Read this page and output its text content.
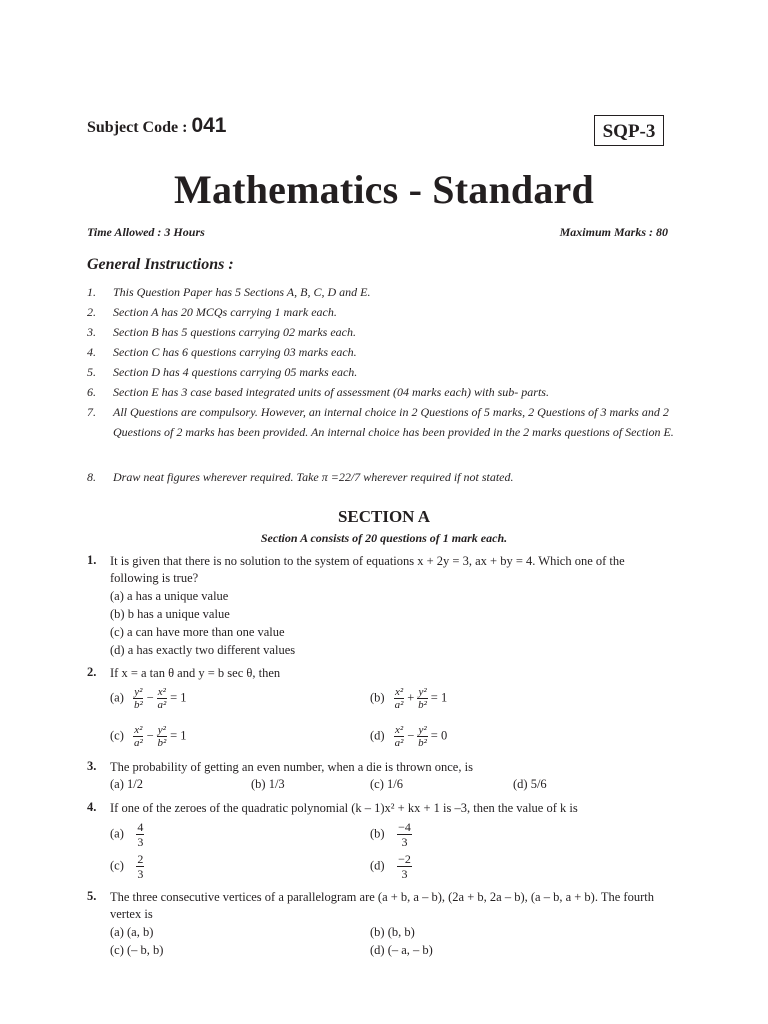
Subject Code : 041	SQP-3
Mathematics - Standard
Time Allowed : 3 Hours	Maximum Marks : 80
General Instructions :
1. This Question Paper has 5 Sections A, B, C, D and E.
2. Section A has 20 MCQs carrying 1 mark each.
3. Section B has 5 questions carrying 02 marks each.
4. Section C has 6 questions carrying 03 marks each.
5. Section D has 4 questions carrying 05 marks each.
6. Section E has 3 case based integrated units of assessment (04 marks each) with sub- parts.
7. All Questions are compulsory. However, an internal choice in 2 Questions of 5 marks, 2 Questions of 3 marks and 2 Questions of 2 marks has been provided. An internal choice has been provided in the 2 marks questions of Section E.
8. Draw neat figures wherever required. Take π =22/7 wherever required if not stated.
SECTION A
Section A consists of 20 questions of 1 mark each.
1. It is given that there is no solution to the system of equations x + 2y = 3, ax + by = 4. Which one of the following is true?
(a) a has a unique value
(b) b has a unique value
(c) a can have more than one value
(d) a has exactly two different values
2. If x = a tan θ and y = b sec θ, then
$(a) \frac{\text{y²}}{\text{b²}} - \frac{\text{x²}}{\text{a²}} = 1$	$(b) \frac{\text{x²}}{\text{a²}} + \frac{\text{y²}}{\text{b²}} = 1$
$(c) \frac{\text{x²}}{\text{a²}} - \frac{\text{y²}}{\text{b²}} = 1$	$(d) \frac{\text{x²}}{\text{a²}} - \frac{\text{y²}}{\text{b²}} = 0$
3. The probability of getting an even number, when a die is thrown once, is
(a) 1/2	(b) 1/3	(c) 1/6	(d) 5/6
4. If one of the zeroes of the quadratic polynomial (k – 1)x² + kx + 1 is –3, then the value of k is
$(a) \frac{4}{3}$	$(b) \frac{-4}{3}$
$(c) \frac{2}{3}$	$(d) \frac{-2}{3}$
5. The three consecutive vertices of a parallelogram are (a + b, a – b), (2a + b, 2a – b), (a – b, a + b). The fourth vertex is
(a) (a, b)	(b) (b, b)
(c) (– b, b)	(d) (– a, – b)
